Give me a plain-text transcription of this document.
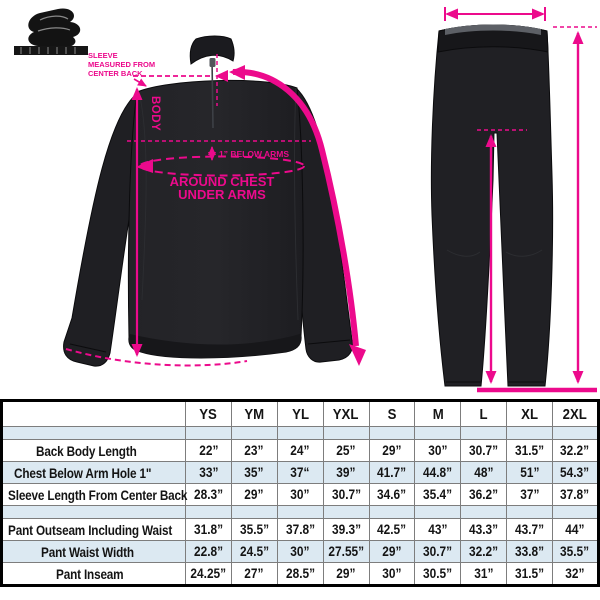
SLEEVE
MEASURED FROM
CENTER BACK
BODY
1” BELOW ARMS
AROUND CHEST
UNDER ARMS
	YS	YM	YL	YXL	S	M	L	XL	2XL

Back Body Length	22”	23”	24”	25”	29”	30”	30.7”	31.5”	32.2”
Chest Below Arm Hole 1"	33”	35”	37“	39”	41.7”	44.8”	48”	51”	54.3”
Sleeve Length From Center Back	28.3”	29”	30”	30.7”	34.6”	35.4”	36.2”	37”	37.8”

Pant Outseam Including Waist	31.8”	35.5”	37.8”	39.3”	42.5”	43”	43.3”	43.7”	44”
Pant Waist Width	22.8”	24.5”	30”	27.55”	29”	30.7”	32.2”	33.8”	35.5”
Pant Inseam	24.25”	27”	28.5”	29”	30”	30.5”	31”	31.5”	32”
